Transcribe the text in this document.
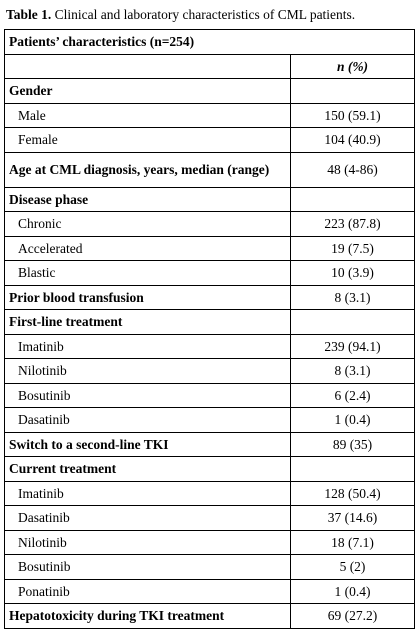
Table 1. Clinical and laboratory characteristics of CML patients.
Patients’ characteristics (n=254)	
	n (%)
Gender	
Male	150 (59.1)
Female	104 (40.9)
Age at CML diagnosis, years, median (range)	48 (4-86)
Disease phase	
Chronic	223 (87.8)
Accelerated	19 (7.5)
Blastic	10 (3.9)
Prior blood transfusion	8 (3.1)
First-line treatment	
Imatinib	239 (94.1)
Nilotinib	8 (3.1)
Bosutinib	6 (2.4)
Dasatinib	1 (0.4)
Switch to a second-line TKI	89 (35)
Current treatment	
Imatinib	128 (50.4)
Dasatinib	37 (14.6)
Nilotinib	18 (7.1)
Bosutinib	5 (2)
Ponatinib	1 (0.4)
Hepatotoxicity during TKI treatment	69 (27.2)
